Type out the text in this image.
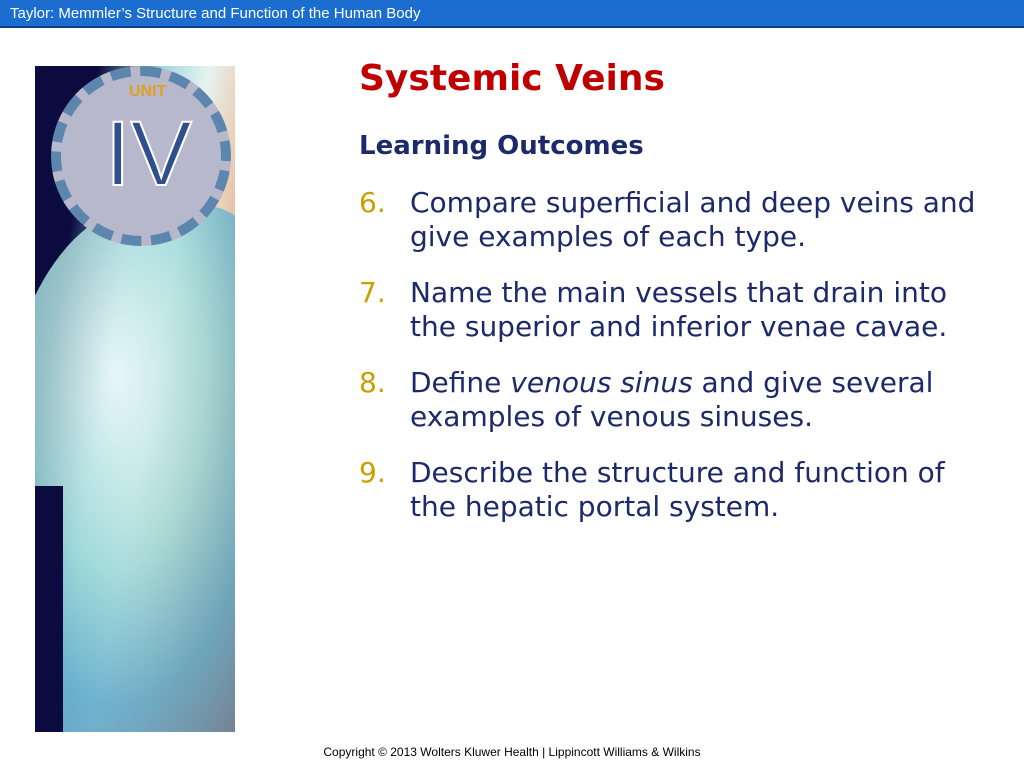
Taylor: Memmler’s Structure and Function of the Human Body
UNIT
IV
Systemic Veins
Learning Outcomes
6. Compare superficial and deep veins and give examples of each type.
7. Name the main vessels that drain into the superior and inferior venae cavae.
8. Define venous sinus and give several examples of venous sinuses.
9. Describe the structure and function of the hepatic portal system.
Copyright © 2013 Wolters Kluwer Health | Lippincott Williams & Wilkins
